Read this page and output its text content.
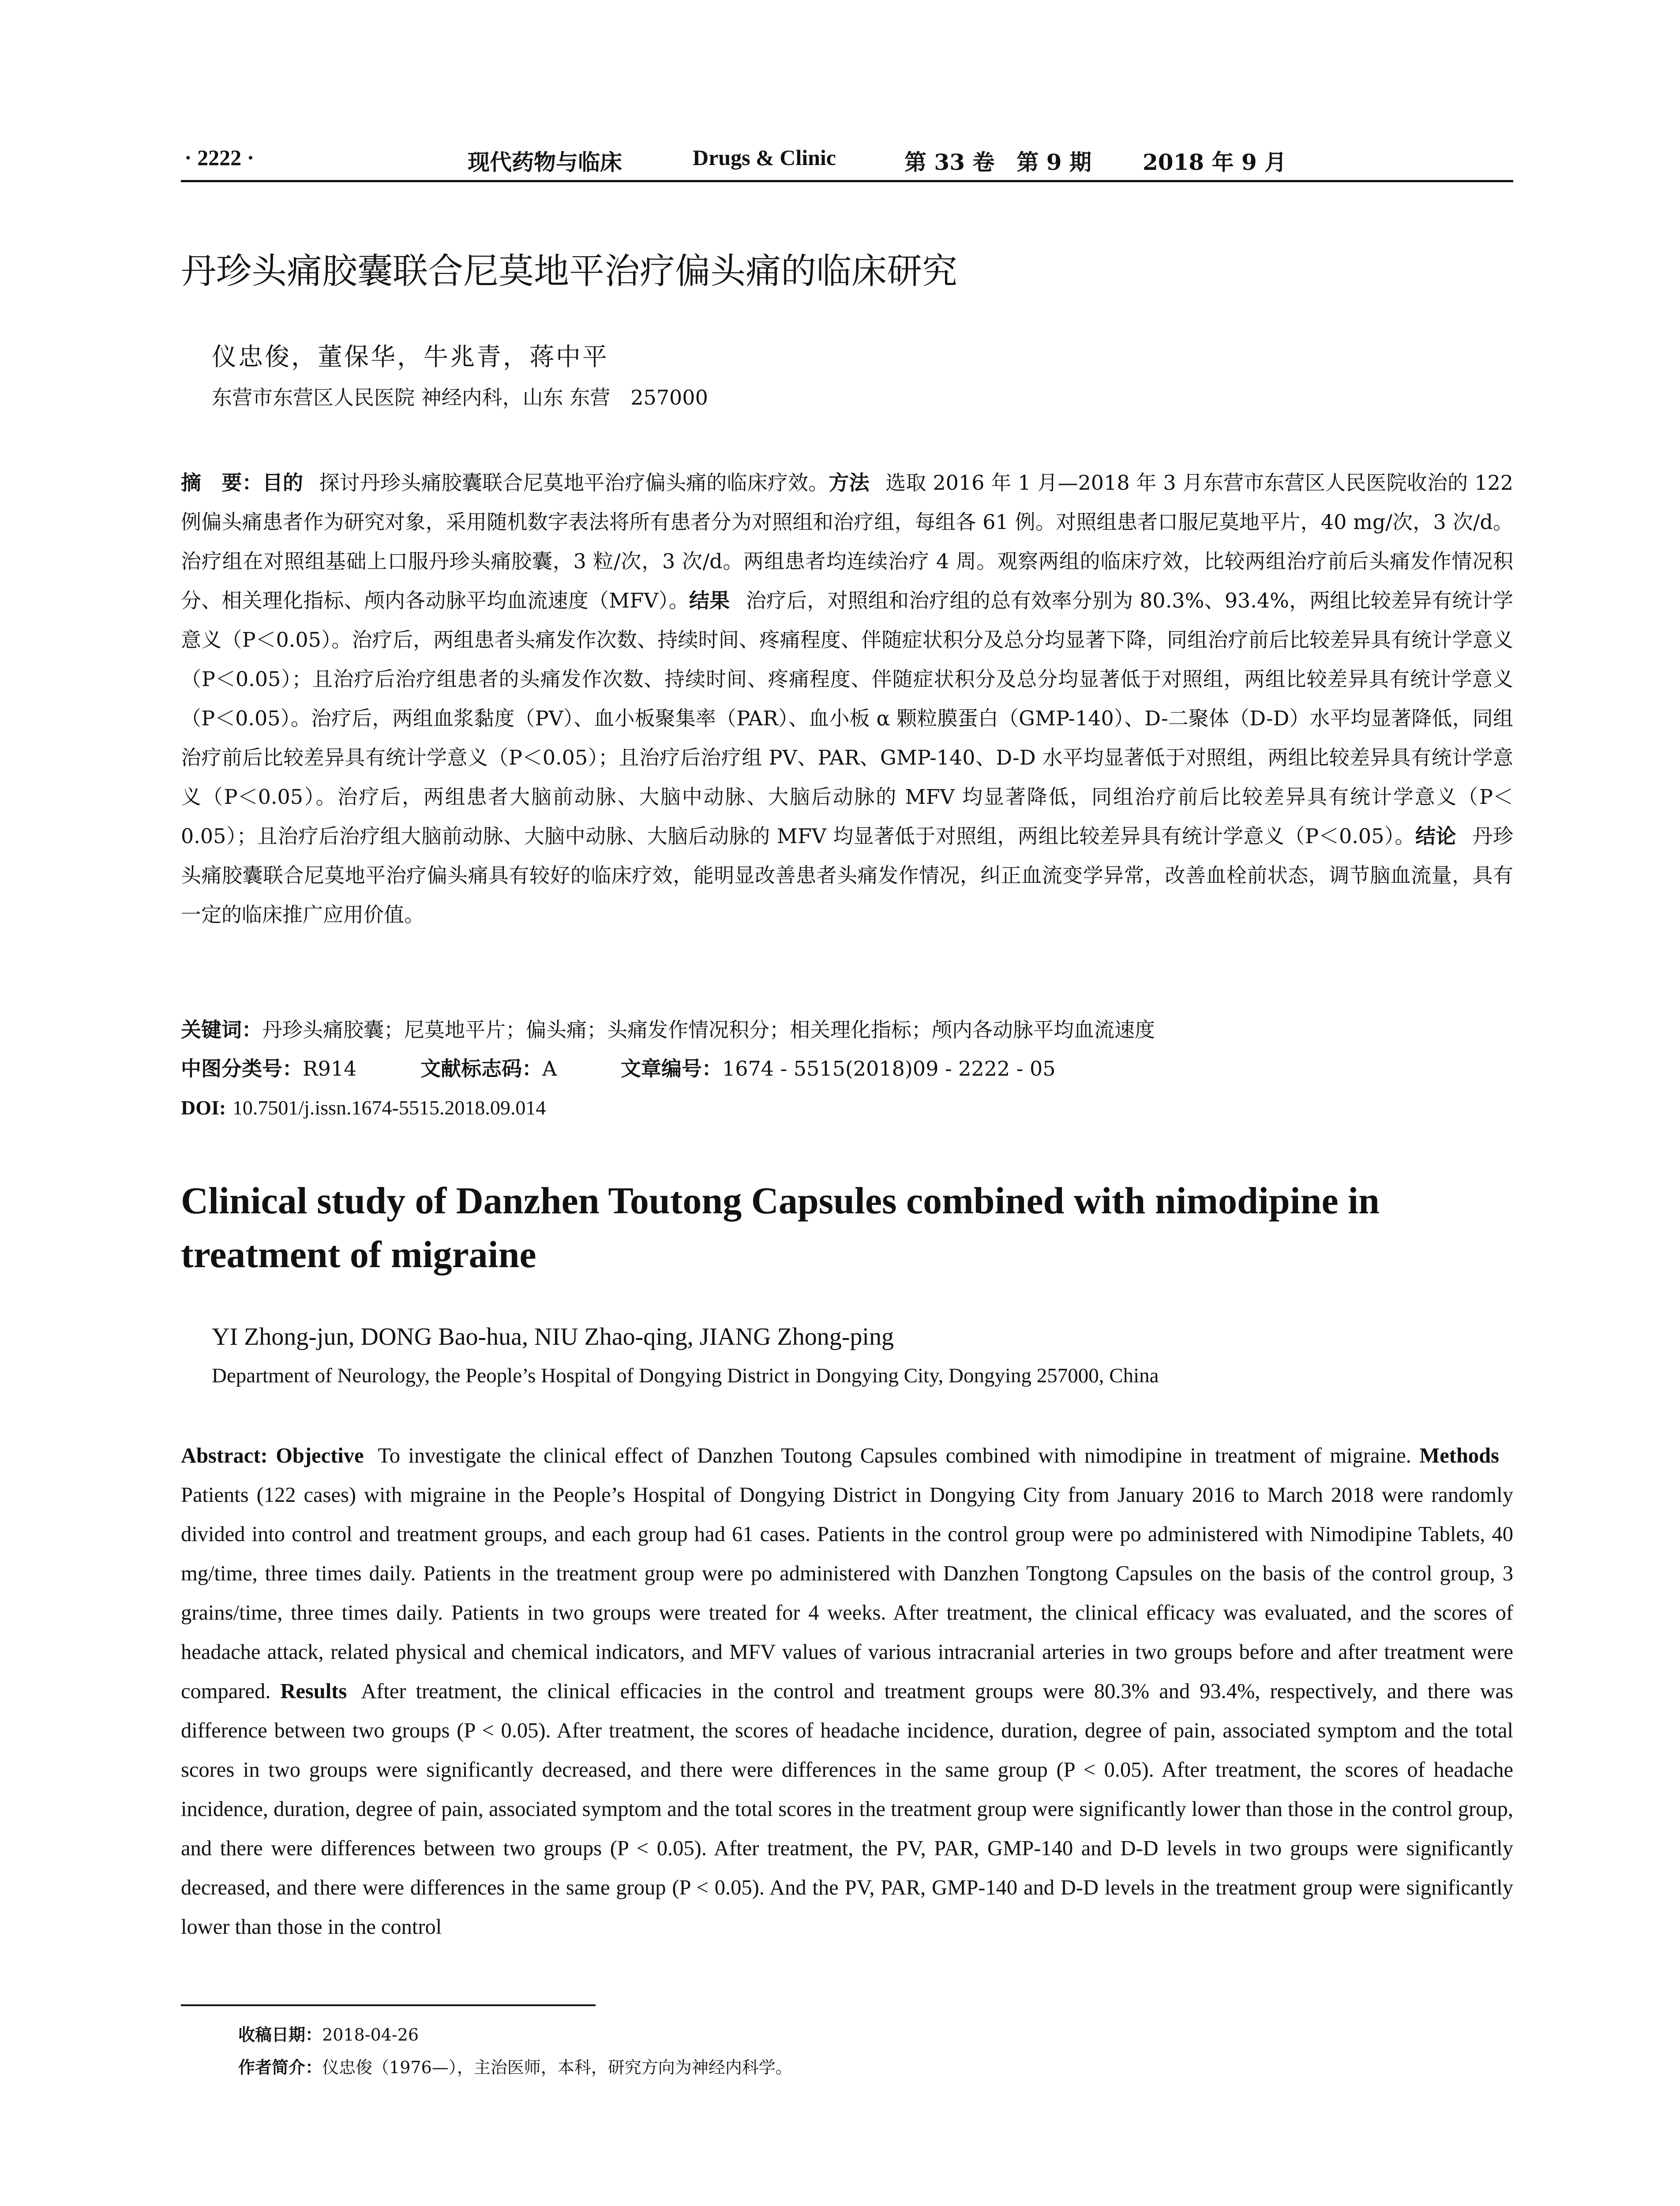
· 2222 ·	现代药物与临床	Drugs & Clinic	第 33 卷　第 9 期 2018 年 9 月
丹珍头痛胶囊联合尼莫地平治疗偏头痛的临床研究
仪忠俊，董保华，牛兆青，蒋中平
东营市东营区人民医院 神经内科，山东 东营　257000
摘　要：目的 探讨丹珍头痛胶囊联合尼莫地平治疗偏头痛的临床疗效。方法 选取 2016 年 1 月—2018 年 3 月东营市东营区人民医院收治的 122 例偏头痛患者作为研究对象，采用随机数字表法将所有患者分为对照组和治疗组，每组各 61 例。对照组患者口服尼莫地平片，40 mg/次，3 次/d。治疗组在对照组基础上口服丹珍头痛胶囊，3 粒/次，3 次/d。两组患者均连续治疗 4 周。观察两组的临床疗效，比较两组治疗前后头痛发作情况积分、相关理化指标、颅内各动脉平均血流速度（MFV）。结果 治疗后，对照组和治疗组的总有效率分别为 80.3%、93.4%，两组比较差异有统计学意义（P＜0.05）。治疗后，两组患者头痛发作次数、持续时间、疼痛程度、伴随症状积分及总分均显著下降，同组治疗前后比较差异具有统计学意义（P＜0.05）；且治疗后治疗组患者的头痛发作次数、持续时间、疼痛程度、伴随症状积分及总分均显著低于对照组，两组比较差异具有统计学意义（P＜0.05）。治疗后，两组血浆黏度（PV）、血小板聚集率（PAR）、血小板 α 颗粒膜蛋白（GMP-140）、D-二聚体（D-D）水平均显著降低，同组治疗前后比较差异具有统计学意义（P＜0.05）；且治疗后治疗组 PV、PAR、GMP-140、D-D 水平均显著低于对照组，两组比较差异具有统计学意义（P＜0.05）。治疗后，两组患者大脑前动脉、大脑中动脉、大脑后动脉的 MFV 均显著降低，同组治疗前后比较差异具有统计学意义（P＜0.05）；且治疗后治疗组大脑前动脉、大脑中动脉、大脑后动脉的 MFV 均显著低于对照组，两组比较差异具有统计学意义（P＜0.05）。结论 丹珍头痛胶囊联合尼莫地平治疗偏头痛具有较好的临床疗效，能明显改善患者头痛发作情况，纠正血流变学异常，改善血栓前状态，调节脑血流量，具有一定的临床推广应用价值。
关键词：丹珍头痛胶囊；尼莫地平片；偏头痛；头痛发作情况积分；相关理化指标；颅内各动脉平均血流速度
中图分类号：R914	文献标志码：A	文章编号：1674 - 5515(2018)09 - 2222 - 05
DOI: 10.7501/j.issn.1674-5515.2018.09.014
Clinical study of Danzhen Toutong Capsules combined with nimodipine in treatment of migraine
YI Zhong-jun, DONG Bao-hua, NIU Zhao-qing, JIANG Zhong-ping
Department of Neurology, the People’s Hospital of Dongying District in Dongying City, Dongying 257000, China
Abstract: Objective To investigate the clinical effect of Danzhen Toutong Capsules combined with nimodipine in treatment of migraine. MethodsPatients (122 cases) with migraine in the People’s Hospital of Dongying District in Dongying City from January 2016 to March 2018 were randomly divided into control and treatment groups, and each group had 61 cases. Patients in the control group were po administered with Nimodipine Tablets, 40 mg/time, three times daily. Patients in the treatment group were po administered with Danzhen Tongtong Capsules on the basis of the control group, 3 grains/time, three times daily. Patients in two groups were treated for 4 weeks. After treatment, the clinical efficacy was evaluated, and the scores of headache attack, related physical and chemical indicators, and MFV values of various intracranial arteries in two groups before and after treatment were compared. Results After treatment, the clinical efficacies in the control and treatment groups were 80.3% and 93.4%, respectively, and there was difference between two groups (P < 0.05). After treatment, the scores of headache incidence, duration, degree of pain, associated symptom and the total scores in two groups were significantly decreased, and there were differences in the same group (P < 0.05). After treatment, the scores of headache incidence, duration, degree of pain, associated symptom and the total scores in the treatment group were significantly lower than those in the control group, and there were differences between two groups (P < 0.05). After treatment, the PV, PAR, GMP-140 and D-D levels in two groups were significantly decreased, and there were differences in the same group (P < 0.05). And the PV, PAR, GMP-140 and D-D levels in the treatment group were significantly lower than those in the control
收稿日期：2018-04-26
作者简介：仪忠俊（1976—），主治医师，本科，研究方向为神经内科学。
